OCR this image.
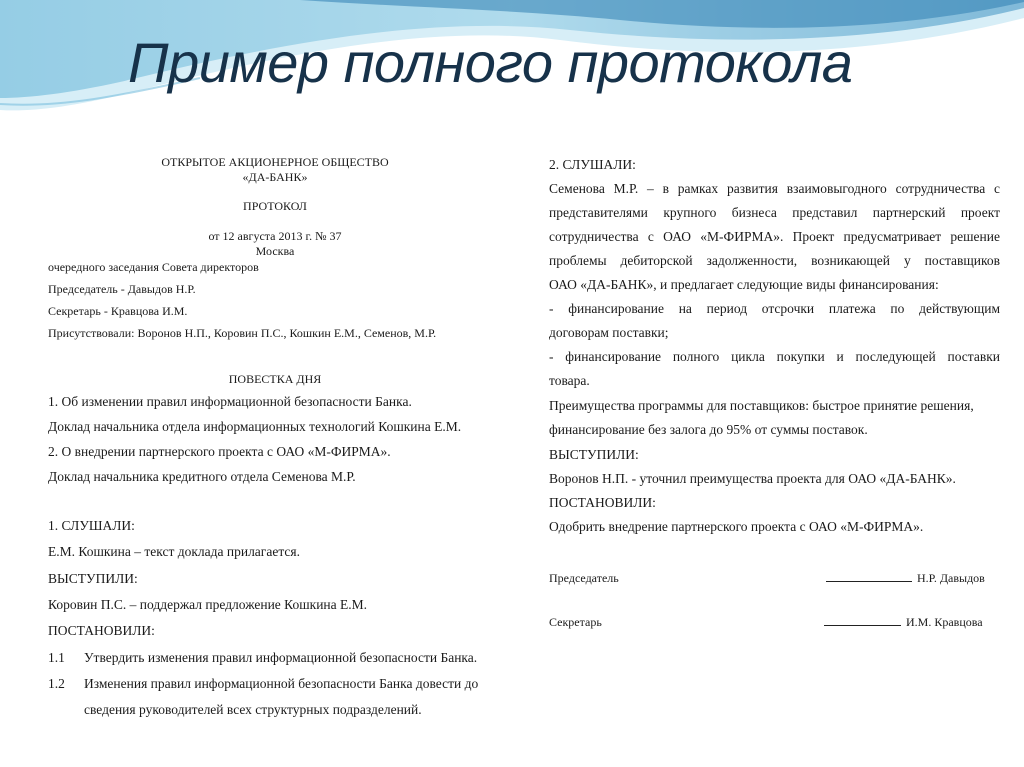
Пример полного протокола
ОТКРЫТОЕ АКЦИОНЕРНОЕ ОБЩЕСТВО
«ДА-БАНК»
ПРОТОКОЛ
от 12 августа 2013 г. № 37
Москва
очередного заседания Совета директоров
Председатель - Давыдов Н.Р.
Секретарь - Кравцова И.М.
Присутствовали: Воронов Н.П., Коровин П.С., Кошкин Е.М., Семенов, М.Р.
ПОВЕСТКА ДНЯ
1. Об изменении правил информационной безопасности Банка.
Доклад начальника отдела информационных технологий Кошкина Е.М.
2. О внедрении партнерского проекта с ОАО «М-ФИРМА».
Доклад начальника кредитного отдела Семенова М.Р.
1. СЛУШАЛИ:
Е.М. Кошкина – текст доклада прилагается.
ВЫСТУПИЛИ:
Коровин П.С. – поддержал предложение Кошкина Е.М.
ПОСТАНОВИЛИ:
1.1 Утвердить изменения правил информационной безопасности Банка.
1.2 Изменения правил информационной безопасности Банка довести до
сведения руководителей всех структурных подразделений.
2. СЛУШАЛИ:
Семенова М.Р. – в рамках развития взаимовыгодного сотрудничества с
представителями крупного бизнеса представил партнерский проект
сотрудничества с ОАО «М-ФИРМА». Проект предусматривает решение
проблемы дебиторской задолженности, возникающей у поставщиков
ОАО «ДА-БАНК», и предлагает следующие виды финансирования:
- финансирование на период отсрочки платежа по действующим
договорам поставки;
- финансирование полного цикла покупки и последующей поставки
товара.
Преимущества программы для поставщиков: быстрое принятие решения,
финансирование без залога до 95% от суммы поставок.
ВЫСТУПИЛИ:
Воронов Н.П. - уточнил преимущества проекта для ОАО «ДА-БАНК».
ПОСТАНОВИЛИ:
Одобрить внедрение партнерского проекта с ОАО «М-ФИРМА».
Председатель	Н.Р. Давыдов
Секретарь	И.М. Кравцова
